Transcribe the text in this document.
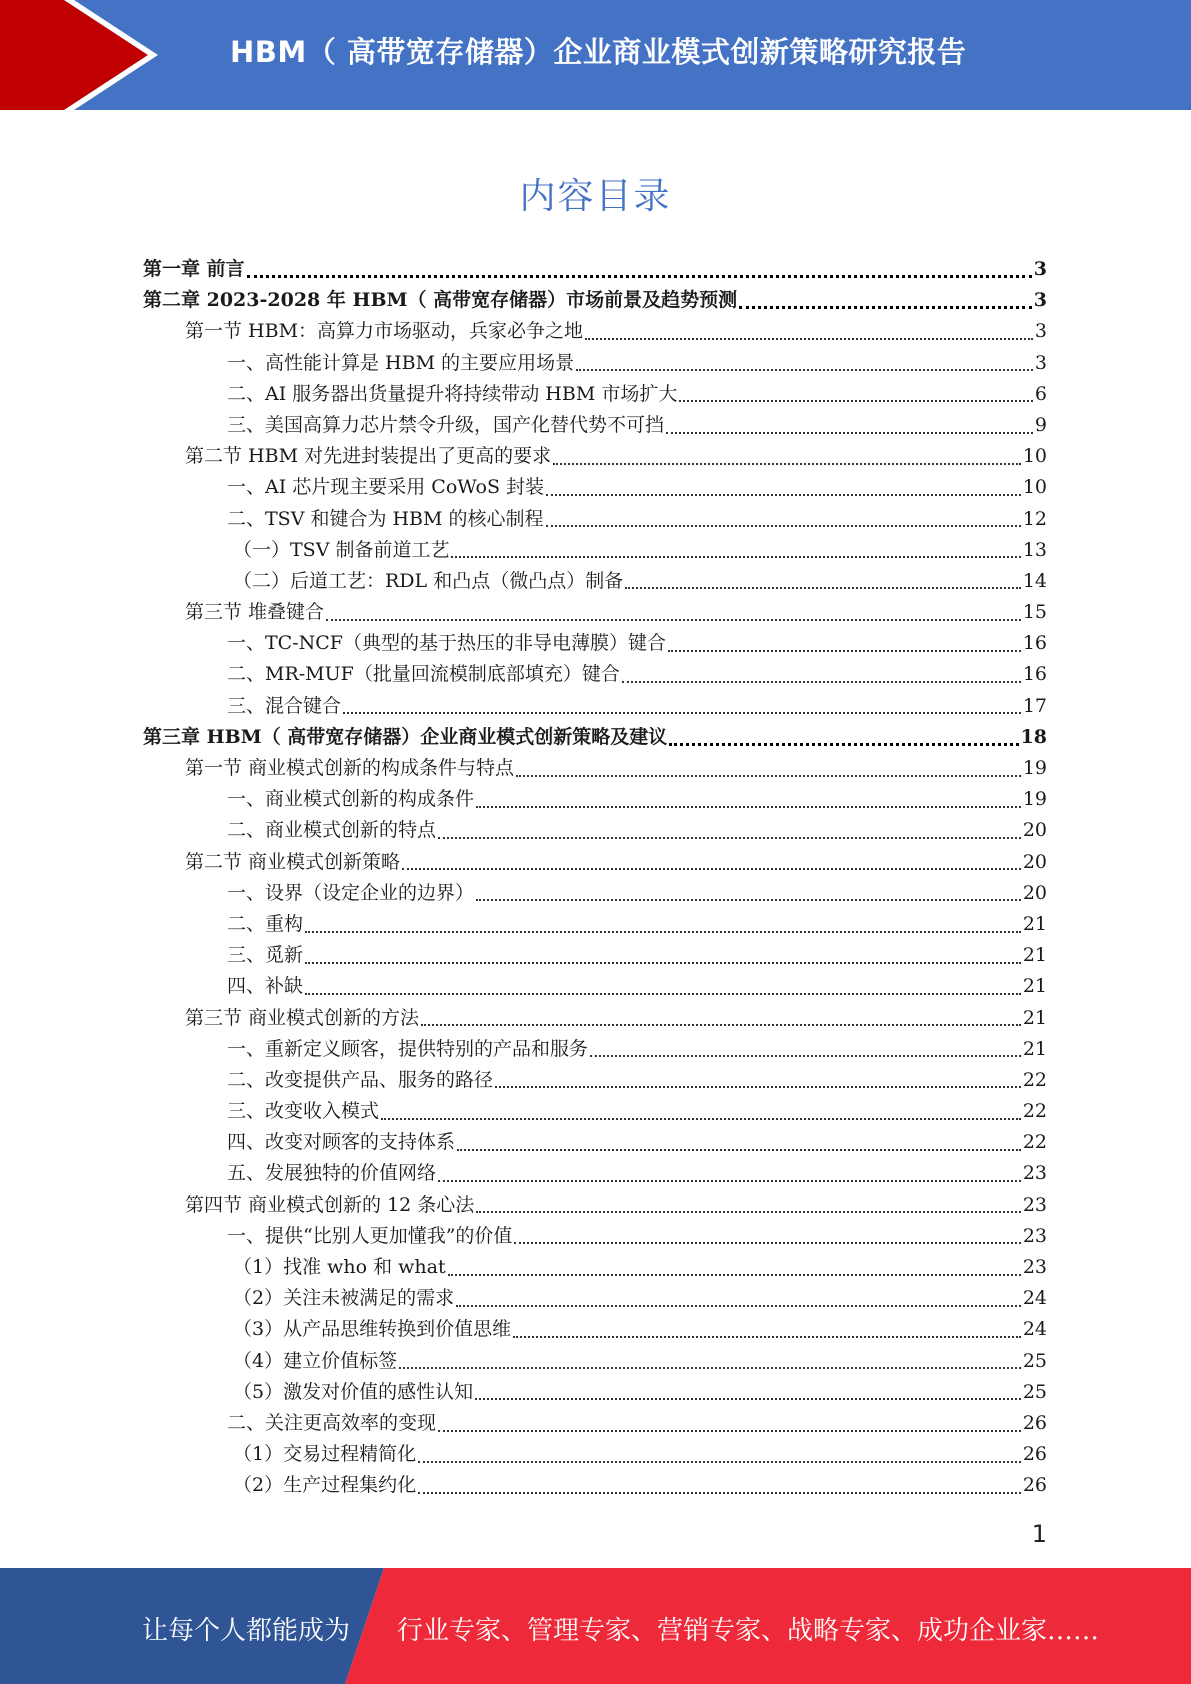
HBM（ 高带宽存储器）企业商业模式创新策略研究报告
内容目录
第一章 前言	3
第二章 2023-2028 年 HBM（ 高带宽存储器）市场前景及趋势预测	3
第一节 HBM：高算力市场驱动，兵家必争之地	3
一、高性能计算是 HBM 的主要应用场景	3
二、AI 服务器出货量提升将持续带动 HBM 市场扩大	6
三、美国高算力芯片禁令升级，国产化替代势不可挡	9
第二节 HBM 对先进封装提出了更高的要求	10
一、AI 芯片现主要采用 CoWoS 封装	10
二、TSV 和键合为 HBM 的核心制程	12
（一）TSV 制备前道工艺	13
（二）后道工艺：RDL 和凸点（微凸点）制备	14
第三节 堆叠键合	15
一、TC-NCF（典型的基于热压的非导电薄膜）键合	16
二、MR-MUF（批量回流模制底部填充）键合	16
三、混合键合	17
第三章 HBM（ 高带宽存储器）企业商业模式创新策略及建议	18
第一节 商业模式创新的构成条件与特点	19
一、商业模式创新的构成条件	19
二、商业模式创新的特点	20
第二节 商业模式创新策略	20
一、设界（设定企业的边界）	20
二、重构	21
三、觅新	21
四、补缺	21
第三节 商业模式创新的方法	21
一、重新定义顾客，提供特别的产品和服务	21
二、改变提供产品、服务的路径	22
三、改变收入模式	22
四、改变对顾客的支持体系	22
五、发展独特的价值网络	23
第四节 商业模式创新的 12 条心法	23
一、提供“比别人更加懂我”的价值	23
（1）找准 who 和 what	23
（2）关注未被满足的需求	24
（3）从产品思维转换到价值思维	24
（4）建立价值标签	25
（5）激发对价值的感性认知	25
二、关注更高效率的变现	26
（1）交易过程精简化	26
（2）生产过程集约化	26
1
让每个人都能成为 行业专家、管理专家、营销专家、战略专家、成功企业家……
